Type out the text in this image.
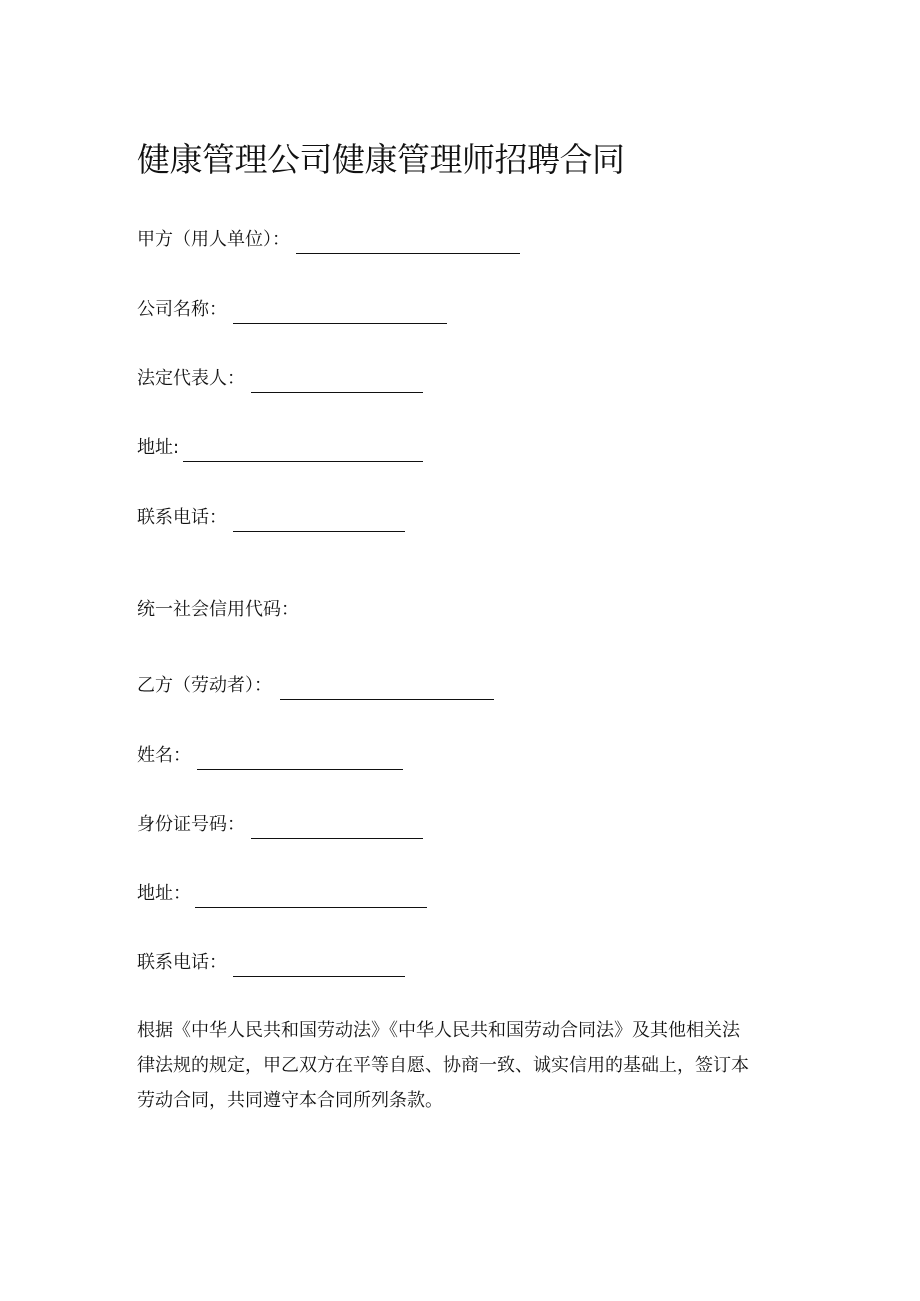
健康管理公司健康管理师招聘合同
甲方（用人单位）：
公司名称：
法定代表人：
地址:
联系电话：
统一社会信用代码：
乙方（劳动者）：
姓名：
身份证号码：
地址：
联系电话：

根据《中华人民共和国劳动法》《中华人民共和国劳动合同法》及其他相关法

律法规的规定，甲乙双方在平等自愿、协商一致、诚实信用的基础上，签订本

劳动合同，共同遵守本合同所列条款。
